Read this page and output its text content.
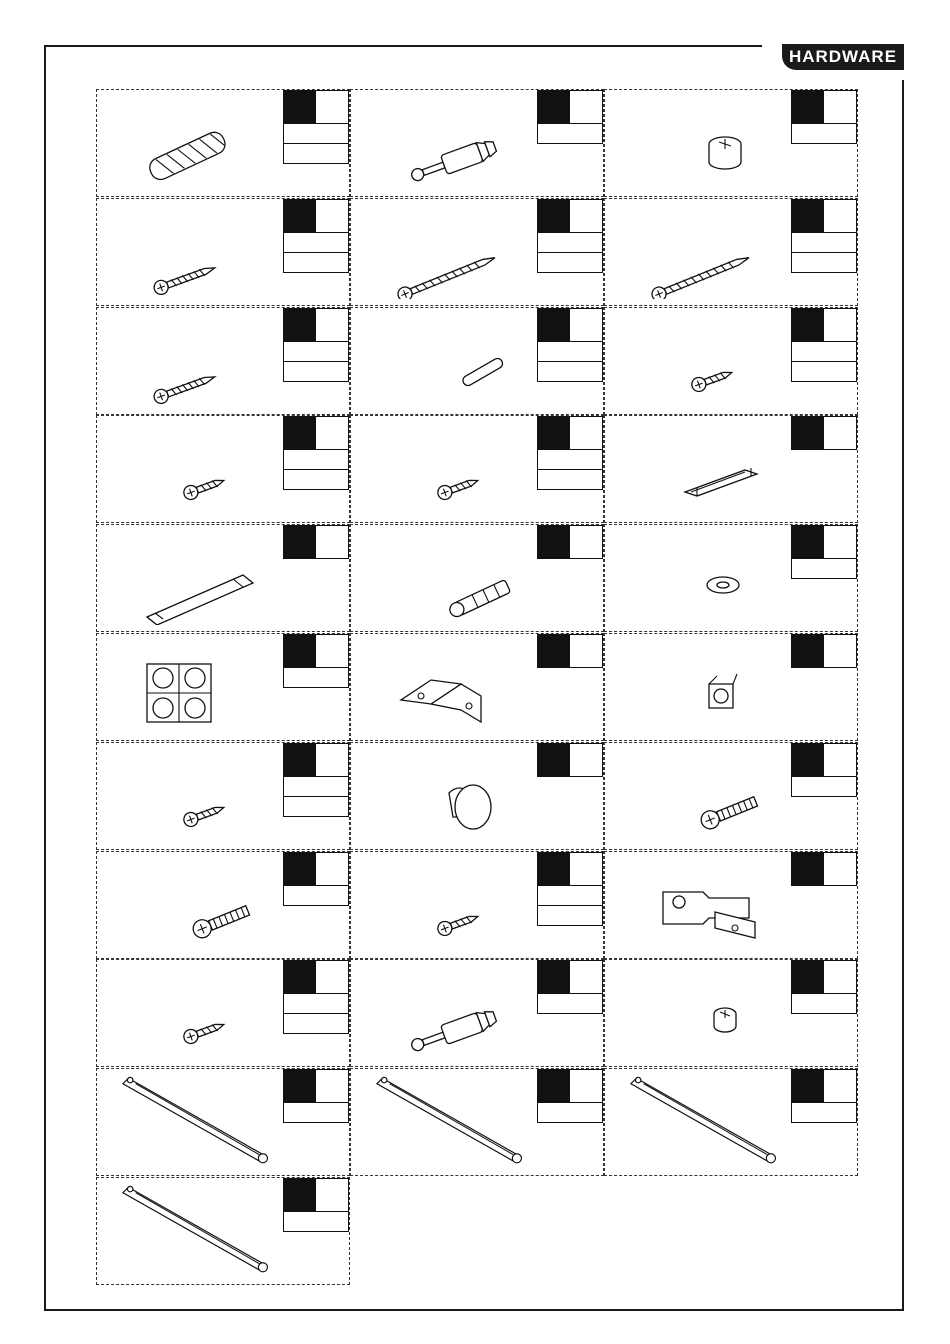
HARDWARE
